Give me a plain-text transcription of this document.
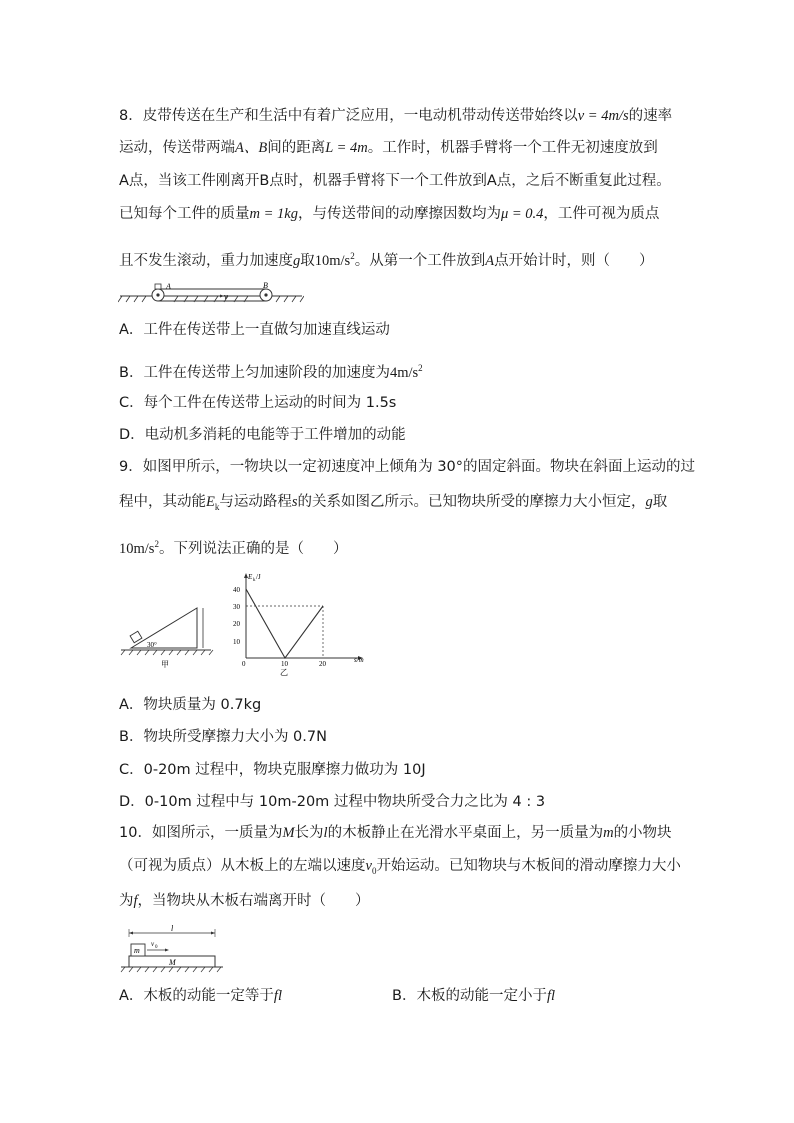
8．皮带传送在生产和生活中有着广泛应用，一电动机带动传送带始终以v = 4m/s的速率
运动，传送带两端A、B间的距离L = 4m。工作时，机器手臂将一个工件无初速度放到
A点，当该工件刚离开B点时，机器手臂将下一个工件放到A点，之后不断重复此过程。
已知每个工件的质量m = 1kg，与传送带间的动摩擦因数均为μ = 0.4，工件可视为质点
且不发生滚动，重力加速度g取$10m/s^2$。从第一个工件放到A点开始计时，则（　　）
A	B
v
A．工件在传送带上一直做匀加速直线运动
B．工件在传送带上匀加速阶段的加速度为$4m/s^2$
C．每个工件在传送带上运动的时间为 1.5s
D．电动机多消耗的电能等于工件增加的动能
9．如图甲所示，一物块以一定初速度冲上倾角为 30°的固定斜面。物块在斜面上运动的过
程中，其动能$E_k$与运动路程s的关系如图乙所示。已知物块所受的摩擦力大小恒定，g取
$10m/s^2$。下列说法正确的是（　　）
30°
甲
E k /J
40
30
20
10
0	10	20	s/m
乙
A．物块质量为 0.7kg
B．物块所受摩擦力大小为 0.7N
C．0-20m 过程中，物块克服摩擦力做功为 10J
D．0-10m 过程中与 10m-20m 过程中物块所受合力之比为 4 : 3
10．如图所示，一质量为M长为l的木板静止在光滑水平桌面上，另一质量为m的小物块
（可视为质点）从木板上的左端以速度$v_0$开始运动。已知物块与木板间的滑动摩擦力大小
为f，当物块从木板右端离开时（　　）
l
m
M
v 0
A．木板的动能一定等于fl	B．木板的动能一定小于fl
